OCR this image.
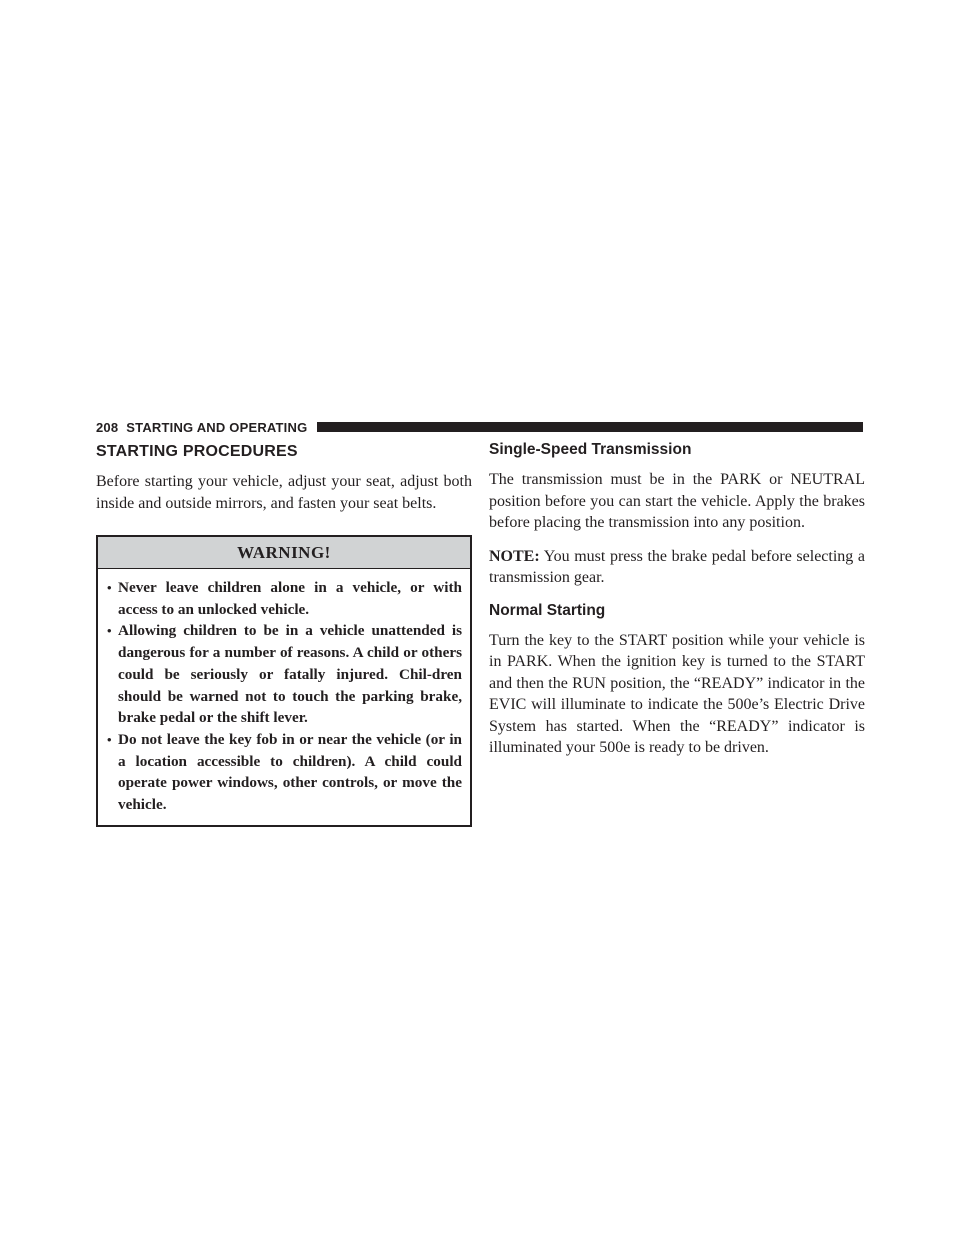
208 STARTING AND OPERATING
STARTING PROCEDURES

Before starting your vehicle, adjust your seat, adjust both inside and outside mirrors, and fasten your seat belts.

WARNING!
• Never leave children alone in a vehicle, or with access to an unlocked vehicle.
• Allowing children to be in a vehicle unattended is dangerous for a number of reasons. A child or others could be seriously or fatally injured. Chil-dren should be warned not to touch the parking brake, brake pedal or the shift lever.
• Do not leave the key fob in or near the vehicle (or in a location accessible to children). A child could operate power windows, other controls, or move the vehicle.
Single-Speed Transmission

The transmission must be in the PARK or NEUTRAL position before you can start the vehicle. Apply the brakes before placing the transmission into any position.

NOTE: You must press the brake pedal before selecting a transmission gear.

Normal Starting

Turn the key to the START position while your vehicle is in PARK. When the ignition key is turned to the START and then the RUN position, the “READY” indicator in the EVIC will illuminate to indicate the 500e’s Electric Drive System has started. When the “READY” indicator is illuminated your 500e is ready to be driven.
